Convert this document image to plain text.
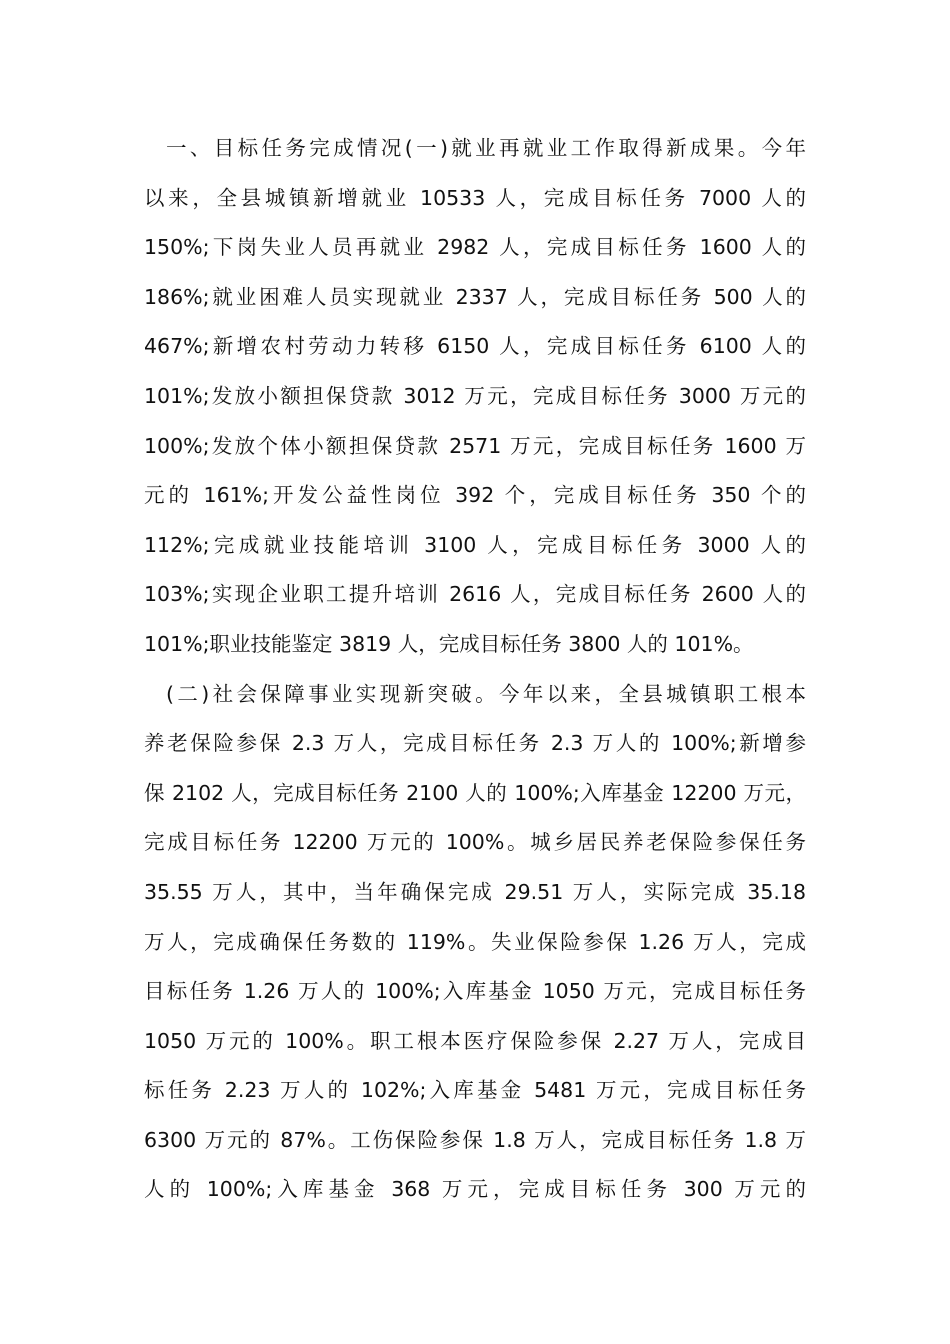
一、目标任务完成情况(一)就业再就业工作取得新成果。今年
以来，全县城镇新增就业 10533 人，完成目标任务 7000 人的
150%;下岗失业人员再就业 2982 人，完成目标任务 1600 人的
186%;就业困难人员实现就业 2337 人，完成目标任务 500 人的
467%;新增农村劳动力转移 6150 人，完成目标任务 6100 人的
101%;发放小额担保贷款 3012 万元，完成目标任务 3000 万元的
100%;发放个体小额担保贷款 2571 万元，完成目标任务 1600 万
元的 161%;开发公益性岗位 392 个，完成目标任务 350 个的
112%;完成就业技能培训 3100 人，完成目标任务 3000 人的
103%;实现企业职工提升培训 2616 人，完成目标任务 2600 人的
101%;职业技能鉴定 3819 人，完成目标任务 3800 人的 101%。
(二)社会保障事业实现新突破。今年以来，全县城镇职工根本
养老保险参保 2.3 万人，完成目标任务 2.3 万人的 100%;新增参
保 2102 人，完成目标任务 2100 人的 100%;入库基金 12200 万元，
完成目标任务 12200 万元的 100%。城乡居民养老保险参保任务
35.55 万人，其中，当年确保完成 29.51 万人，实际完成 35.18
万人，完成确保任务数的 119%。失业保险参保 1.26 万人，完成
目标任务 1.26 万人的 100%;入库基金 1050 万元，完成目标任务
1050 万元的 100%。职工根本医疗保险参保 2.27 万人，完成目
标任务 2.23 万人的 102%;入库基金 5481 万元，完成目标任务
6300 万元的 87%。工伤保险参保 1.8 万人，完成目标任务 1.8 万
人的 100%;入库基金 368 万元，完成目标任务 300 万元的
